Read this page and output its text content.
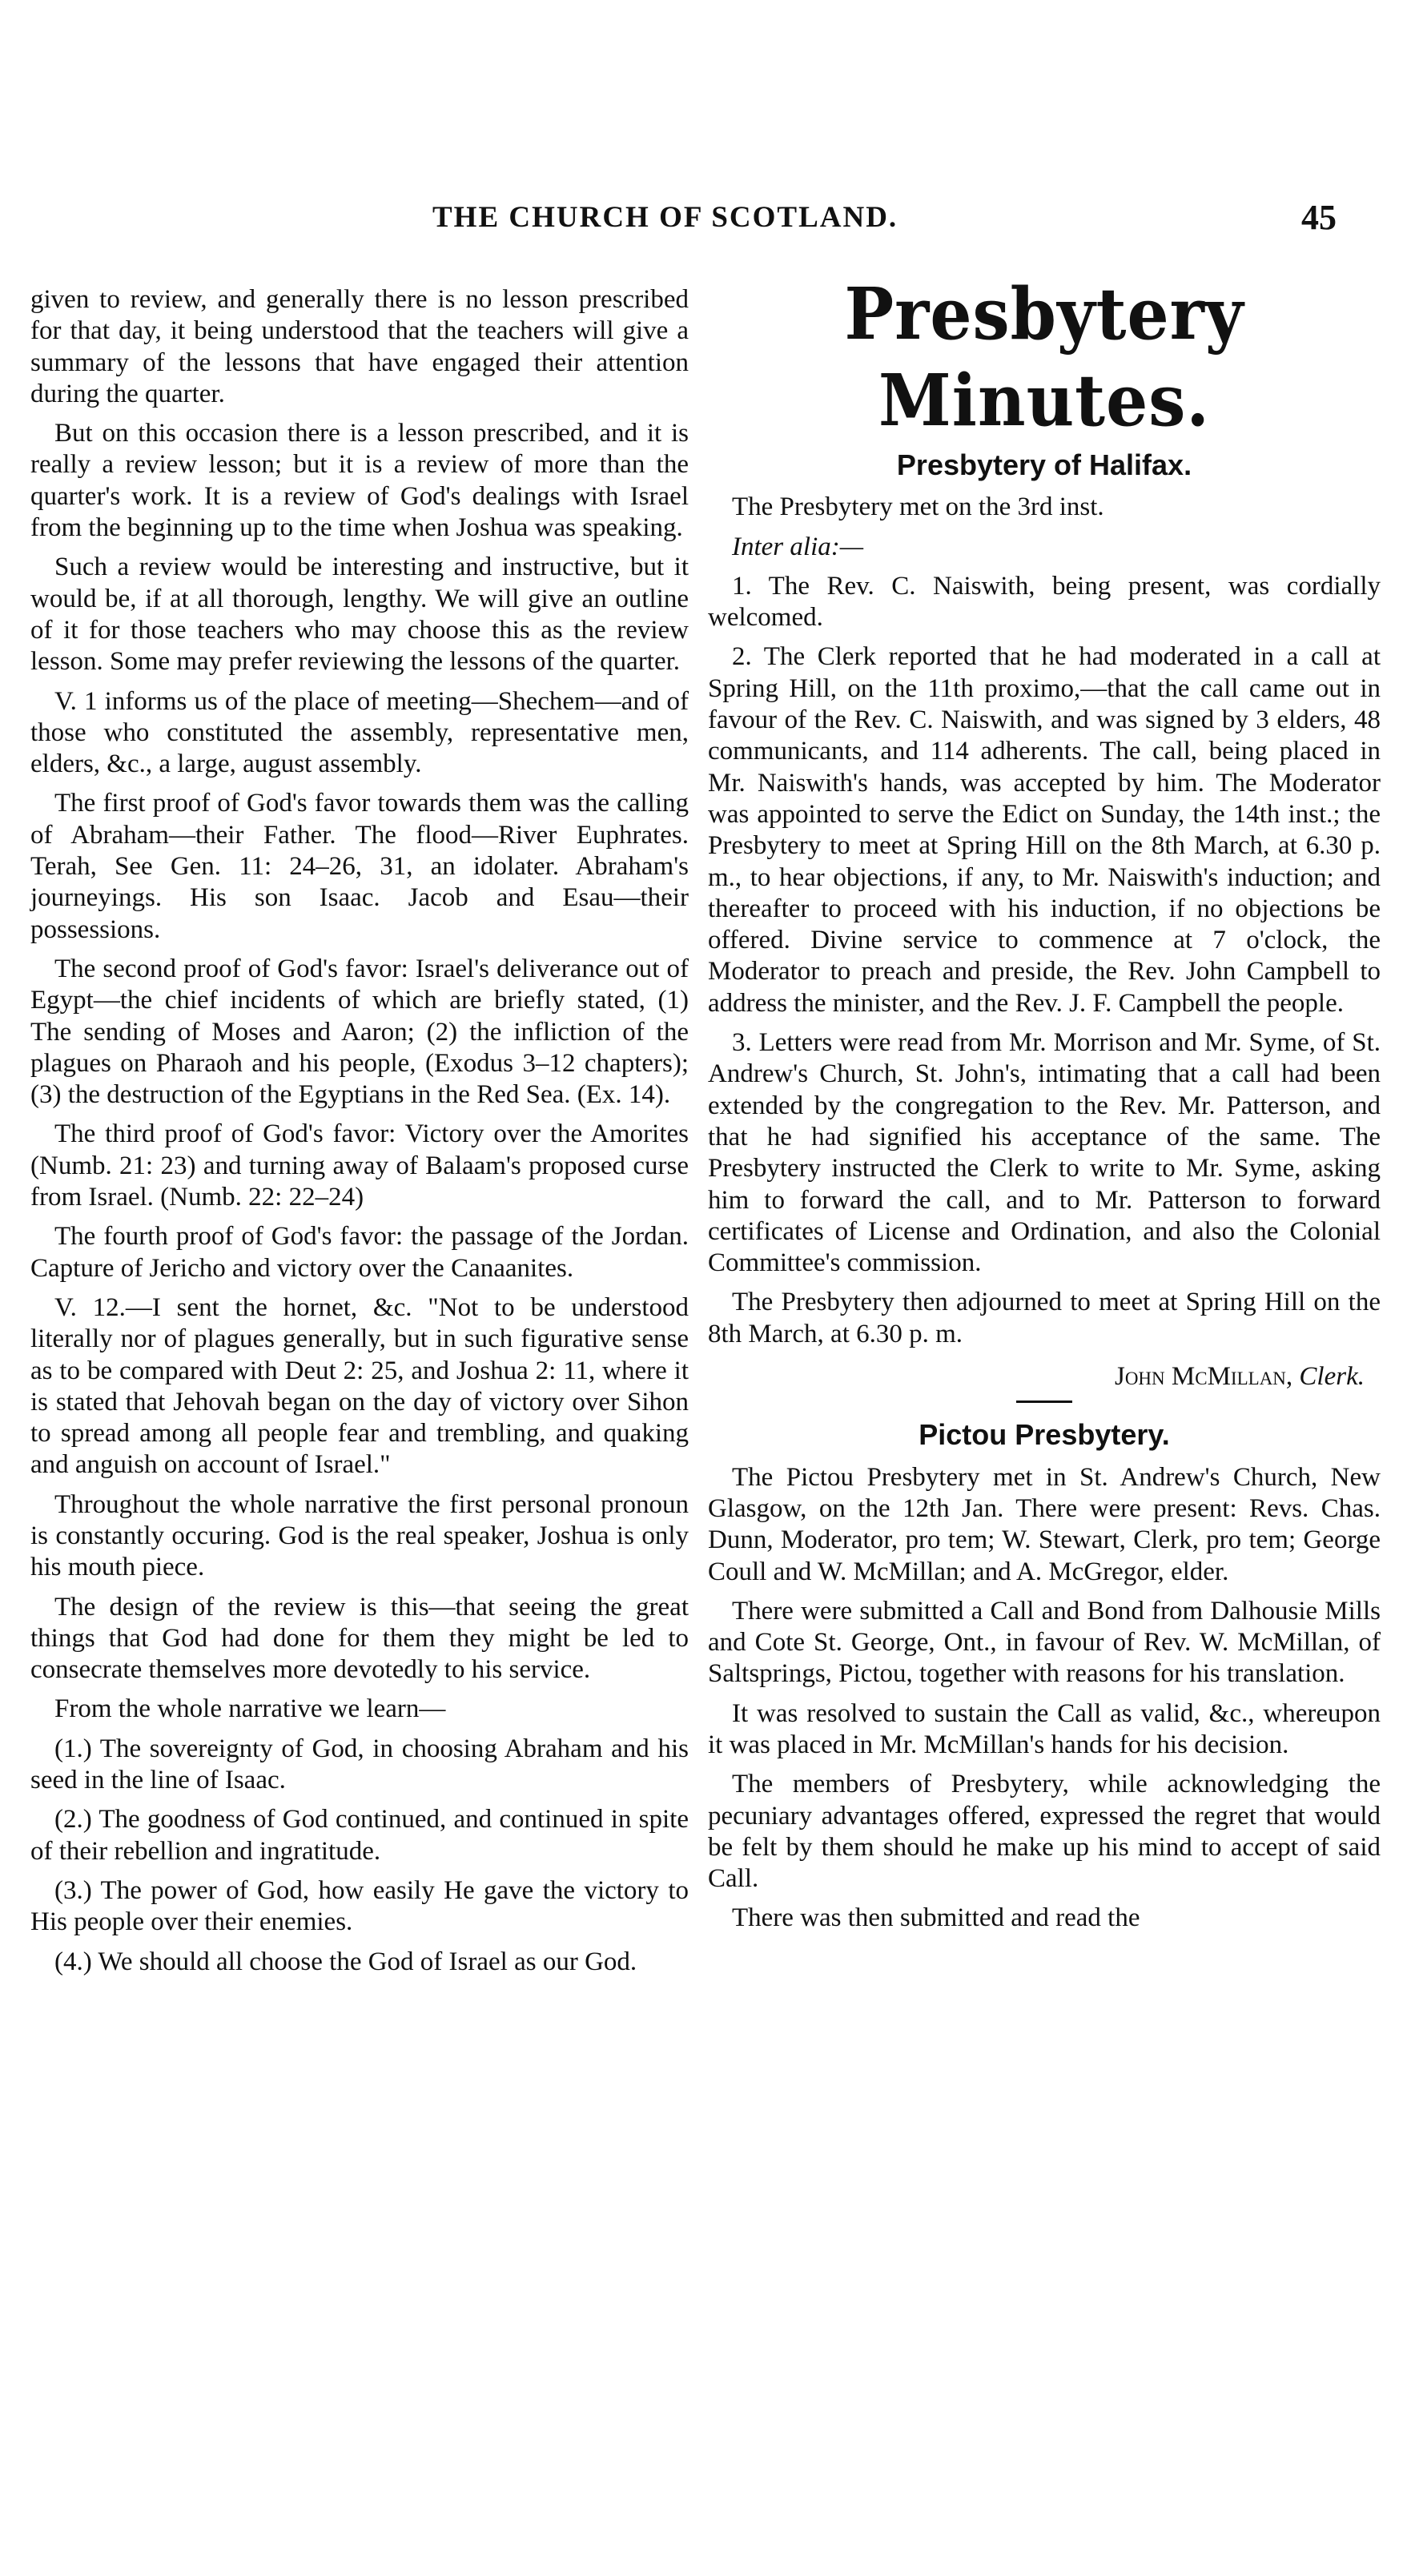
THE CHURCH OF SCOTLAND.	45

given to review, and generally there is no lesson prescribed for that day, it being understood that the teachers will give a summary of the lessons that have engaged their attention during the quarter.

But on this occasion there is a lesson prescribed, and it is really a review lesson; but it is a review of more than the quarter's work. It is a review of God's dealings with Israel from the beginning up to the time when Joshua was speaking.

Such a review would be interesting and instructive, but it would be, if at all thorough, lengthy. We will give an outline of it for those teachers who may choose this as the review lesson. Some may prefer reviewing the lessons of the quarter.

V. 1 informs us of the place of meeting—Shechem—and of those who constituted the assembly, representative men, elders, &c., a large, august assembly.

The first proof of God's favor towards them was the calling of Abraham—their Father. The flood—River Euphrates. Terah, See Gen. 11: 24–26, 31, an idolater. Abraham's journeyings. His son Isaac. Jacob and Esau—their possessions.

The second proof of God's favor: Israel's deliverance out of Egypt—the chief incidents of which are briefly stated, (1) The sending of Moses and Aaron; (2) the infliction of the plagues on Pharaoh and his people, (Exodus 3–12 chapters); (3) the destruction of the Egyptians in the Red Sea. (Ex. 14).

The third proof of God's favor: Victory over the Amorites (Numb. 21: 23) and turning away of Balaam's proposed curse from Israel. (Numb. 22: 22–24)

The fourth proof of God's favor: the passage of the Jordan. Capture of Jericho and victory over the Canaanites.

V. 12.—I sent the hornet, &c. "Not to be understood literally nor of plagues generally, but in such figurative sense as to be compared with Deut 2: 25, and Joshua 2: 11, where it is stated that Jehovah began on the day of victory over Sihon to spread among all people fear and trembling, and quaking and anguish on account of Israel."

Throughout the whole narrative the first personal pronoun is constantly occuring. God is the real speaker, Joshua is only his mouth piece.

The design of the review is this—that seeing the great things that God had done for them they might be led to consecrate themselves more devotedly to his service.

From the whole narrative we learn—

(1.) The sovereignty of God, in choosing Abraham and his seed in the line of Isaac.

(2.) The goodness of God continued, and continued in spite of their rebellion and ingratitude.

(3.) The power of God, how easily He gave the victory to His people over their enemies.

(4.) We should all choose the God of Israel as our God.

Presbytery Minutes.
Presbytery of Halifax.

The Presbytery met on the 3rd inst.

Inter alia:—

1. The Rev. C. Naiswith, being present, was cordially welcomed.

2. The Clerk reported that he had moderated in a call at Spring Hill, on the 11th proximo,—that the call came out in favour of the Rev. C. Naiswith, and was signed by 3 elders, 48 communicants, and 114 adherents. The call, being placed in Mr. Naiswith's hands, was accepted by him. The Moderator was appointed to serve the Edict on Sunday, the 14th inst.; the Presbytery to meet at Spring Hill on the 8th March, at 6.30 p. m., to hear objections, if any, to Mr. Naiswith's induction; and thereafter to proceed with his induction, if no objections be offered. Divine service to commence at 7 o'clock, the Moderator to preach and preside, the Rev. John Campbell to address the minister, and the Rev. J. F. Campbell the people.

3. Letters were read from Mr. Morrison and Mr. Syme, of St. Andrew's Church, St. John's, intimating that a call had been extended by the congregation to the Rev. Mr. Patterson, and that he had signified his acceptance of the same. The Presbytery instructed the Clerk to write to Mr. Syme, asking him to forward the call, and to Mr. Patterson to forward certificates of License and Ordination, and also the Colonial Committee's commission.

The Presbytery then adjourned to meet at Spring Hill on the 8th March, at 6.30 p. m.

John McMillan, Clerk.
Pictou Presbytery.

The Pictou Presbytery met in St. Andrew's Church, New Glasgow, on the 12th Jan. There were present: Revs. Chas. Dunn, Moderator, pro tem; W. Stewart, Clerk, pro tem; George Coull and W. McMillan; and A. McGregor, elder.

There were submitted a Call and Bond from Dalhousie Mills and Cote St. George, Ont., in favour of Rev. W. McMillan, of Saltsprings, Pictou, together with reasons for his translation.

It was resolved to sustain the Call as valid, &c., whereupon it was placed in Mr. McMillan's hands for his decision.

The members of Presbytery, while acknowledging the pecuniary advantages offered, expressed the regret that would be felt by them should he make up his mind to accept of said Call.

There was then submitted and read the
